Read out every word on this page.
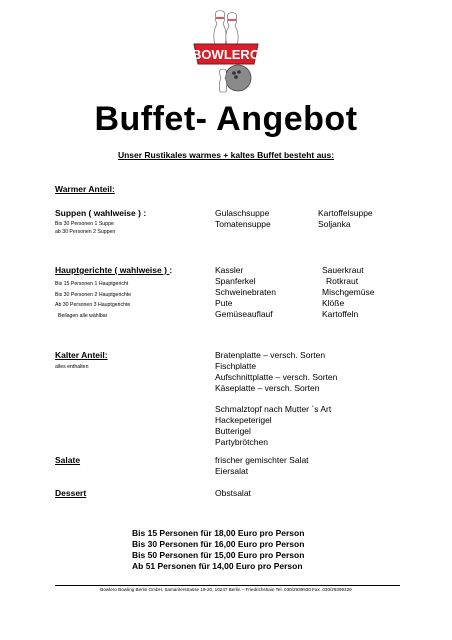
BOWLERO
Buffet- Angebot
Unser Rustikales warmes + kaltes Buffet besteht aus:
Warmer Anteil:
Suppen ( wahlweise ) :
Bis 30 Personen 1 Suppe
ab 30 Personen 2 Suppen
Gulaschsuppe
Tomatensuppe
Kartoffelsuppe
Soljanka
Hauptgerichte ( wahlweise ) :
Bis 15 Personen 1 Hauptgericht
Bis 30 Personen 2 Hauptgerichte
Ab 30 Personen 3 Hauptgerichte
Beilagen alle wählbar
Kassler
Spanferkel
Schweinebraten
Pute
Gemüseauflauf
Sauerkraut
Rotkraut
Mischgemüse
Klöße
Kartoffeln
Kalter Anteil:
alles enthalten
Bratenplatte – versch. Sorten
Fischplatte
Aufschnittplatte – versch. Sorten
Käseplatte – versch. Sorten
Schmalztopf nach Mutter `s Art
Hackepeterigel
Butterigel
Partybrötchen
Salate	frischer gemischter Salat
Eiersalat
Dessert	Obstsalat
Bis 15 Personen für 18,00 Euro pro Person
Bis 30 Personen für 16,00 Euro pro Person
Bis 50 Personen für 15,00 Euro pro Person
Ab 51 Personen für 14,00 Euro pro Person
Bowlero Bowling Berlin GmbH, Samariterstrasse 19-20, 10247 Berlin – Friedrichshain Tel. 030/2939930 Fax .030/29399329
